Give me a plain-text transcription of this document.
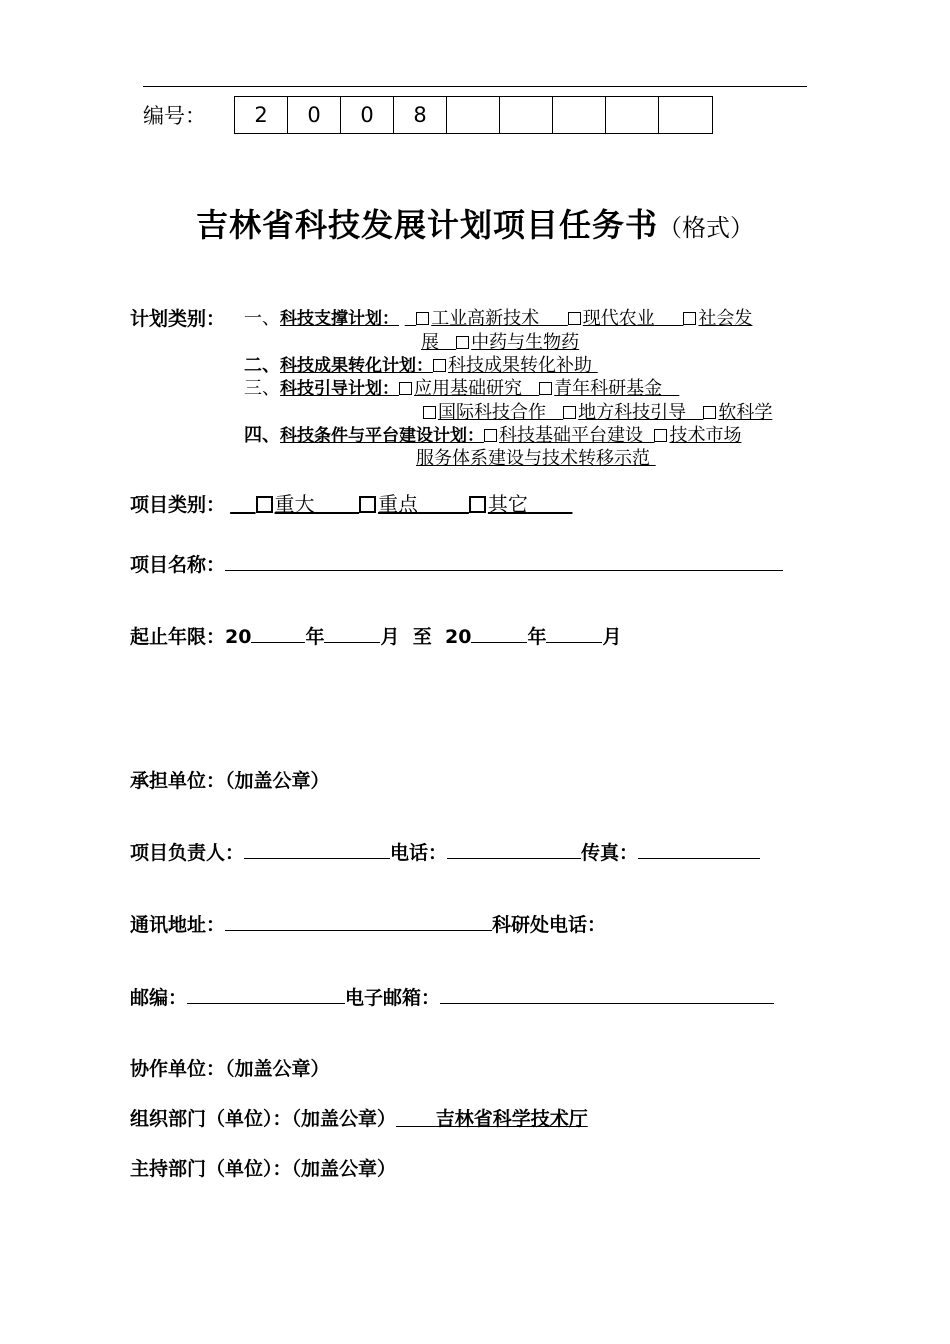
编号：	2	0	0	8
吉林省科技发展计划项目任务书（格式）
计划类别： 一、科技支撑计划： 工业高新技术 现代农业 社会发
展 中药与生物药
二、科技成果转化计划： 科技成果转化补助
三、科技引导计划： 应用基础研究 青年科研基金
国际科技合作 地方科技引导 软科学
四、科技条件与平台建设计划： 科技基础平台建设 技术市场
服务体系建设与技术转移示范
项目类别： 重大	重点	其它
项目名称：
起止年限：20	年	月 至 20	年	月
承担单位：（加盖公章）
项目负责人：	电话：	传真：
通讯地址：	科研处电话：
邮编：	电子邮箱：
协作单位：（加盖公章）
组织部门（单位）：（加盖公章） 吉林省科学技术厅
主持部门（单位）：（加盖公章）
